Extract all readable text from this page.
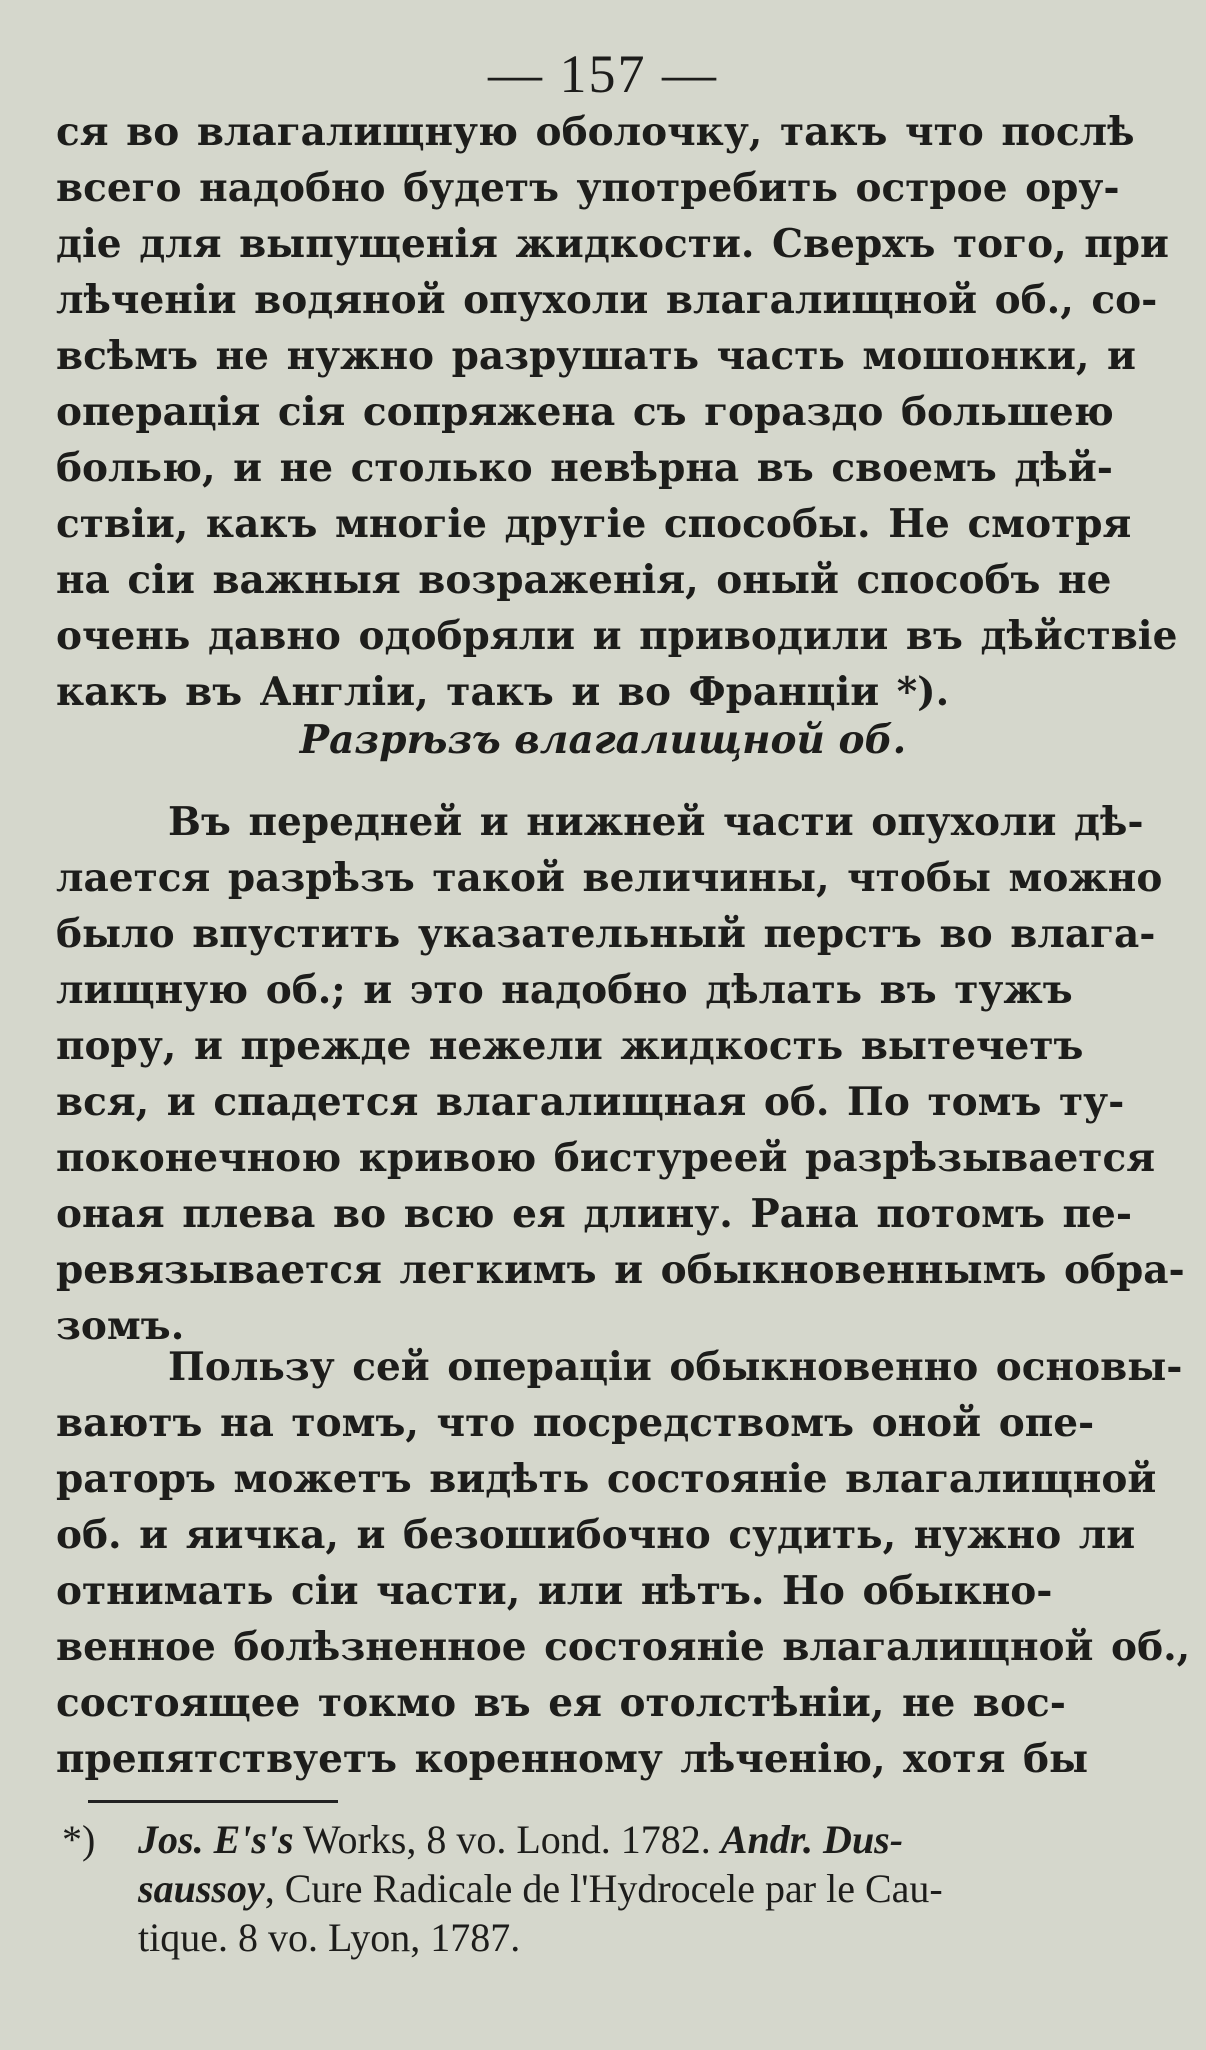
— 157 —
ся во влагалищную оболочку, такъ что послѣ
всего надобно будетъ употребить острое ору-
діе для выпущенія жидкости. Сверхъ того, при
лѣченіи водяной опухоли влагалищной об., со-
всѣмъ не нужно разрушать часть мошонки, и
операція сія сопряжена съ гораздо большею
болью, и не столько невѣрна въ своемъ дѣй-
ствіи, какъ многіе другіе способы. Не смотря
на сіи важныя возраженія, оный способъ не
очень давно одобряли и приводили въ дѣйствіе
какъ въ Англіи, такъ и во Франціи *).
Разрѣзъ влагалищной об.
Въ передней и нижней части опухоли дѣ-
лается разрѣзъ такой величины, чтобы можно
было впустить указательный перстъ во влага-
лищную об.; и это надобно дѣлать въ тужъ
пору, и прежде нежели жидкость вытечетъ
вся, и спадется влагалищная об. По томъ ту-
поконечною кривою бистуреей разрѣзывается
оная плева во всю ея длину. Рана потомъ пе-
ревязывается легкимъ и обыкновеннымъ обра-
зомъ.
Пользу сей операціи обыкновенно основы-
ваютъ на томъ, что посредствомъ оной опе-
раторъ можетъ видѣть состояніе влагалищной
об. и яичка, и безошибочно судить, нужно ли
отнимать сіи части, или нѣтъ. Но обыкно-
венное болѣзненное состояніе влагалищной об.,
состоящее токмо въ ея отолстѣніи, не вос-
препятствуетъ коренному лѣченію, хотя бы
*) Jos. E's's Works, 8 vo. Lond. 1782. Andr. Dus-
saussoy, Cure Radicale de l'Hydrocele par le Cau-
tique. 8 vo. Lyon, 1787.
